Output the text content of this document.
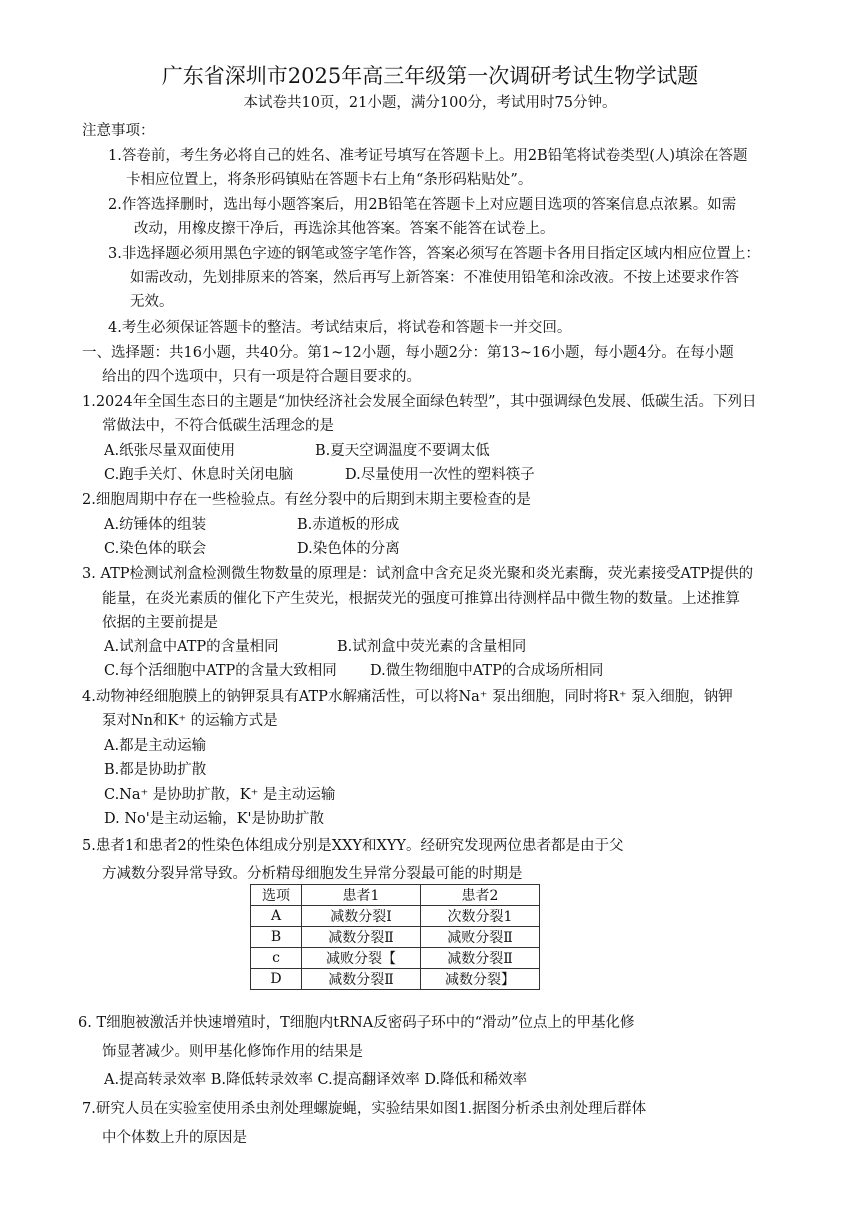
广东省深圳市2025年高三年级第一次调研考试生物学试题
本试卷共10页，21小题，满分100分，考试用时75分钟。
注意事项：
1.答卷前，考生务必将自己的姓名、准考证号填写在答题卡上。用2B铅笔将试卷类型(人)填涂在答题
卡相应位置上，将条形码镇贴在答题卡右上角“条形码粘贴处”。
2.作答选择删时，选出每小题答案后，用2B铅笔在答题卡上对应题目选项的答案信息点浓累。如需
改动，用橡皮擦干净后，再选涂其他答案。答案不能答在试卷上。
3.非选择题必须用黑色字迹的钢笔或签字笔作答，答案必须写在答题卡各用目指定区域内相应位置上：
如需改动，先划排原来的答案，然后再写上新答案：不准使用铅笔和涂改液。不按上述要求作答
无效。
4.考生必须保证答题卡的整洁。考试结束后，将试卷和答题卡一并交回。
一、选择题：共16小题，共40分。第1~12小题，每小题2分：第13~16小题，每小题4分。在每小题
给出的四个选项中，只有一项是符合题目要求的。
1.2024年全国生态日的主题是“加快经济社会发展全面绿色转型”，其中强调绿色发展、低碳生活。下列日
常做法中，不符合低碳生活理念的是
A.纸张尽量双面使用	B.夏天空调温度不要调太低
C.跑手关灯、休息时关闭电脑	D.尽量使用一次性的塑料筷子
2.细胞周期中存在一些检验点。有丝分裂中的后期到末期主要检查的是
A.纺锤体的组装	B.赤道板的形成
C.染色体的联会	D.染色体的分离
3. ATP检测试剂盒检测微生物数量的原理是：试剂盒中含充足炎光聚和炎光素酶，荧光素接受ATP提供的
能量，在炎光素质的催化下产生荧光，根据荧光的强度可推算出待测样品中微生物的数量。上述推算
依据的主要前提是
A.试剂盒中ATP的含量相同	B.试剂盒中荧光素的含量相同
C.每个活细胞中ATP的含量大致相同 D.微生物细胞中ATP的合成场所相同
4.动物神经细胞膜上的钠钾泵具有ATP水解痛活性，可以将Na⁺ 泵出细胞，同时将R⁺ 泵入细胞，钠钾
泵对Nn和K⁺ 的运输方式是
A.都是主动运输
B.都是协助扩散
C.Na⁺ 是协助扩散，K⁺ 是主动运输
D. No'是主动运输，K'是协助扩散
5.患者1和患者2的性染色体组成分别是XXY和XYY。经研究发现两位患者都是由于父
方减数分裂异常导致。分析精母细胞发生异常分裂最可能的时期是
选项	患者1	患者2
A	减数分裂Ⅰ	次数分裂1
B	减数分裂Ⅱ	减败分裂Ⅱ
c	减败分裂【	减数分裂Ⅱ
D	减数分裂Ⅱ	减数分裂】
6. T细胞被激活并快速增殖时，T细胞内tRNA反密码子环中的“滑动”位点上的甲基化修
饰显著减少。则甲基化修饰作用的结果是
A.提高转录效率 B.降低转录效率 C.提高翻译效率 D.降低和稀效率
7.研究人员在实验室使用杀虫剂处理螺旋蝇，实验结果如图1.据图分析杀虫剂处理后群体
中个体数上升的原因是
